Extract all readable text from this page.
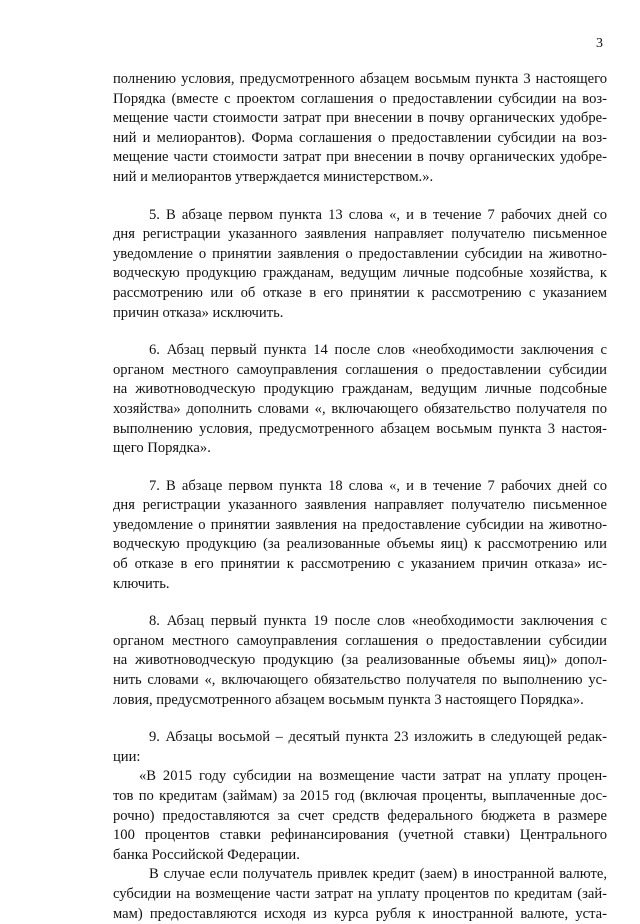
3
полнению условия, предусмотренного абзацем восьмым пункта 3 настоящего
Порядка (вместе с проектом соглашения о предоставлении субсидии на воз-
мещение части стоимости затрат при внесении в почву органических удобре-
ний и мелиорантов). Форма соглашения о предоставлении субсидии на воз-
мещение части стоимости затрат при внесении в почву органических удобре-
ний и мелиорантов утверждается министерством.».
5. В абзаце первом пункта 13 слова «, и в течение 7 рабочих дней со
дня регистрации указанного заявления направляет получателю письменное
уведомление о принятии заявления о предоставлении субсидии на животно-
водческую продукцию гражданам, ведущим личные подсобные хозяйства, к
рассмотрению или об отказе в его принятии к рассмотрению с указанием
причин отказа» исключить.
6. Абзац первый пункта 14 после слов «необходимости заключения с
органом местного самоуправления соглашения о предоставлении субсидии
на животноводческую продукцию гражданам, ведущим личные подсобные
хозяйства» дополнить словами «, включающего обязательство получателя по
выполнению условия, предусмотренного абзацем восьмым пункта 3 настоя-
щего Порядка».
7. В абзаце первом пункта 18 слова «, и в течение 7 рабочих дней со
дня регистрации указанного заявления направляет получателю письменное
уведомление о принятии заявления на предоставление субсидии на животно-
водческую продукцию (за реализованные объемы яиц) к рассмотрению или
об отказе в его принятии к рассмотрению с указанием причин отказа» ис-
ключить.
8. Абзац первый пункта 19 после слов «необходимости заключения с
органом местного самоуправления соглашения о предоставлении субсидии
на животноводческую продукцию (за реализованные объемы яиц)» допол-
нить словами «, включающего обязательство получателя по выполнению ус-
ловия, предусмотренного абзацем восьмым пункта 3 настоящего Порядка».
9. Абзацы восьмой – десятый пункта 23 изложить в следующей редак-
ции:
«В 2015 году субсидии на возмещение части затрат на уплату процен-
тов по кредитам (займам) за 2015 год (включая проценты, выплаченные дос-
рочно) предоставляются за счет средств федерального бюджета в размере
100 процентов ставки рефинансирования (учетной ставки) Центрального
банка Российской Федерации.
В случае если получатель привлек кредит (заем) в иностранной валюте,
субсидии на возмещение части затрат на уплату процентов по кредитам (зай-
мам) предоставляются исходя из курса рубля к иностранной валюте, уста-
